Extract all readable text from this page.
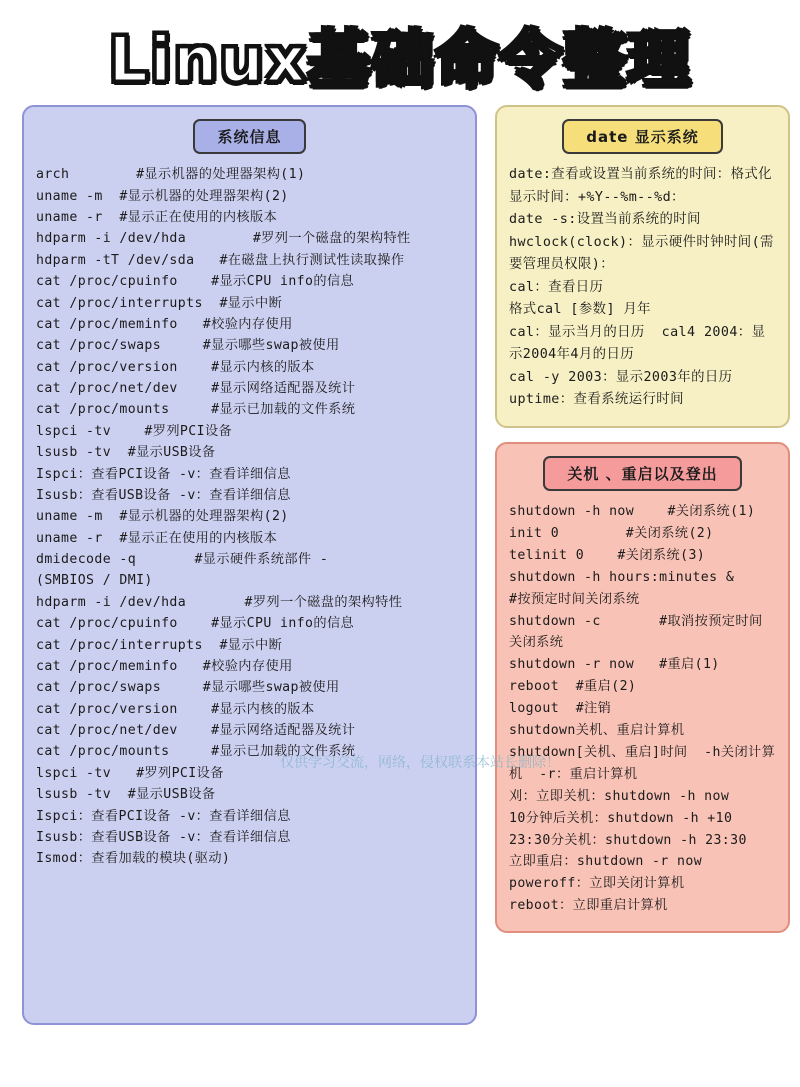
Linux基础命令整理
系统信息
arch        #显示机器的处理器架构(1)
uname -m  #显示机器的处理器架构(2)
uname -r  #显示正在使用的内核版本
hdparm -i /dev/hda        #罗列一个磁盘的架构特性
hdparm -tT /dev/sda   #在磁盘上执行测试性读取操作
cat /proc/cpuinfo    #显示CPU info的信息
cat /proc/interrupts  #显示中断
cat /proc/meminfo   #校验内存使用
cat /proc/swaps     #显示哪些swap被使用
cat /proc/version    #显示内核的版本
cat /proc/net/dev    #显示网络适配器及统计
cat /proc/mounts     #显示已加载的文件系统
lspci -tv    #罗列PCI设备
lsusb -tv  #显示USB设备
Ispci：查看PCI设备 -v：查看详细信息
Isusb：查看USB设备 -v：查看详细信息
uname -m  #显示机器的处理器架构(2)
uname -r  #显示正在使用的内核版本
dmidecode -q       #显示硬件系统部件 -
(SMBIOS / DMI)
hdparm -i /dev/hda       #罗列一个磁盘的架构特性
cat /proc/cpuinfo    #显示CPU info的信息
cat /proc/interrupts  #显示中断
cat /proc/meminfo   #校验内存使用
cat /proc/swaps     #显示哪些swap被使用
cat /proc/version    #显示内核的版本
cat /proc/net/dev    #显示网络适配器及统计
cat /proc/mounts     #显示已加载的文件系统
lspci -tv   #罗列PCI设备
lsusb -tv  #显示USB设备
Ispci：查看PCI设备 -v：查看详细信息
Isusb：查看USB设备 -v：查看详细信息
Ismod：查看加载的模块(驱动)
date 显示系统
date:查看或设置当前系统的时间：格式化显示时间：+%Y--%m--%d：
date -s:设置当前系统的时间
hwclock(clock)：显示硬件时钟时间(需要管理员权限)：
cal：查看日历
格式cal [参数] 月年
cal：显示当月的日历  cal4 2004：显示2004年4月的日历
cal -y 2003：显示2003年的日历
uptime：查看系统运行时间
关机 、重启以及登出
shutdown -h now    #关闭系统(1)
init 0        #关闭系统(2)
telinit 0    #关闭系统(3)
shutdown -h hours:minutes &
#按预定时间关闭系统
shutdown -c       #取消按预定时间关闭系统
shutdown -r now   #重启(1)
reboot  #重启(2)
logout  #注销
shutdown关机、重启计算机
shutdown[关机、重启]时间  -h关闭计算机  -r：重启计算机
刈：立即关机：shutdown -h now
10分钟后关机：shutdown -h +10
23:30分关机：shutdown -h 23:30
立即重启：shutdown -r now
poweroff：立即关闭计算机
reboot：立即重启计算机
仅供学习交流，网络，侵权联系本站长删除！
